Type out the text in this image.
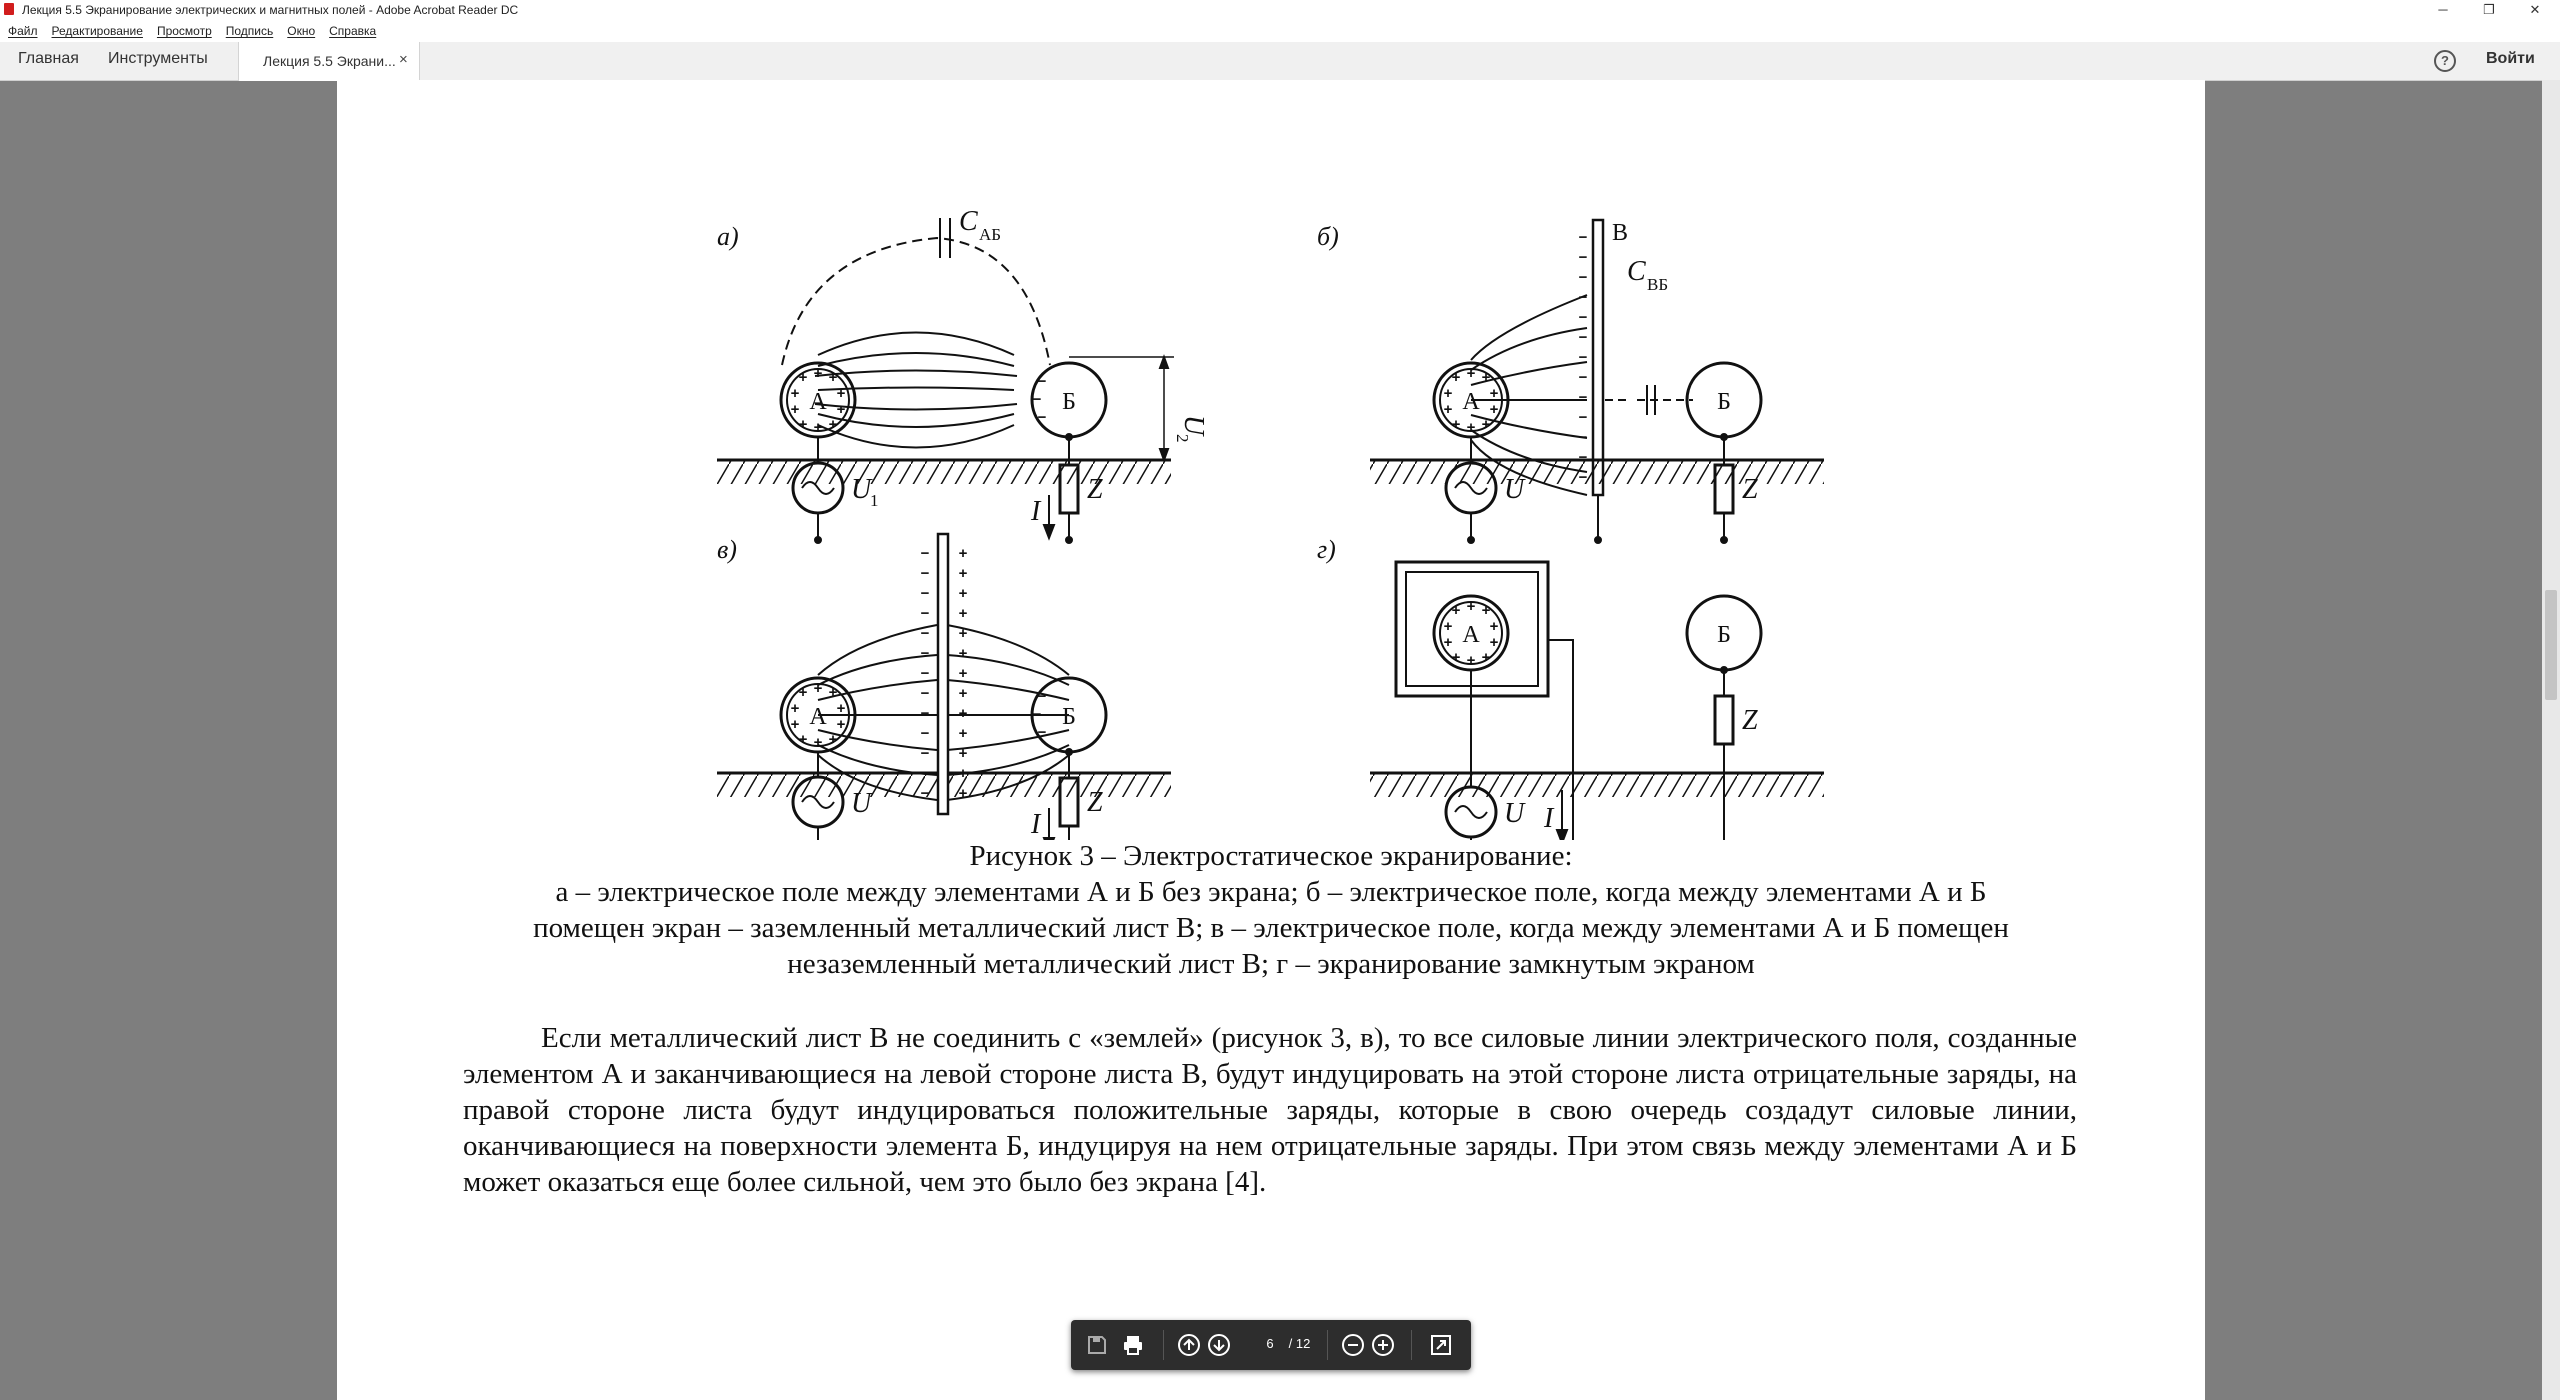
Лекция 5.5 Экранирование электрических и магнитных полей - Adobe Acrobat Reader DC	─	❐	✕
Файл Редактирование Просмотр Подпись Окно Справка
Главная Инструменты	Лекция 5.5 Экрани... ×	?	Войти
+ + +
+ +
+ +
+ + +
+ + +
+ +
+ +
+ + +
+ + +
+ +
+ +
+ + +
+ + +
+ +
+ +
+ + +
−
−
−
−
−
−
−
−
−
−
−
−
−
−
−
−
−
−
−
−
−
−
−
−
−
−
−
−
−
−
−
−
+
+
+
+
+
+
+
+
+
+
+
+
+
а)	б)
в)	г)
А	А
А
А
Б	Б
Б
Б
В
C АБ
C ВБ
U
1
U
2
U
U	U
Z	Z
Z
Z
I
I	I
Рисунок 3 – Электростатическое экранирование:
а – электрическое поле между элементами А и Б без экрана; б – электрическое поле, когда между элементами А и Б
помещен экран – заземленный металлический лист В; в – электрическое поле, когда между элементами А и Б помещен
незаземленный металлический лист В; г – экранирование замкнутым экраном
Если металлический лист В не соединить с «землей» (рисунок 3, в), то все силовые линии электрического поля, созданные элементом А и заканчивающиеся на левой стороне листа В, будут индуцировать на этой стороне листа отрицательные заряды, на правой стороне листа будут индуцироваться положительные заряды, которые в свою очередь создадут силовые линии, оканчивающиеся на поверхности элемента Б, индуцируя на нем отрицательные заряды. При этом связь между элементами А и Б может оказаться еще более сильной, чем это было без экрана [4].
6 / 12
